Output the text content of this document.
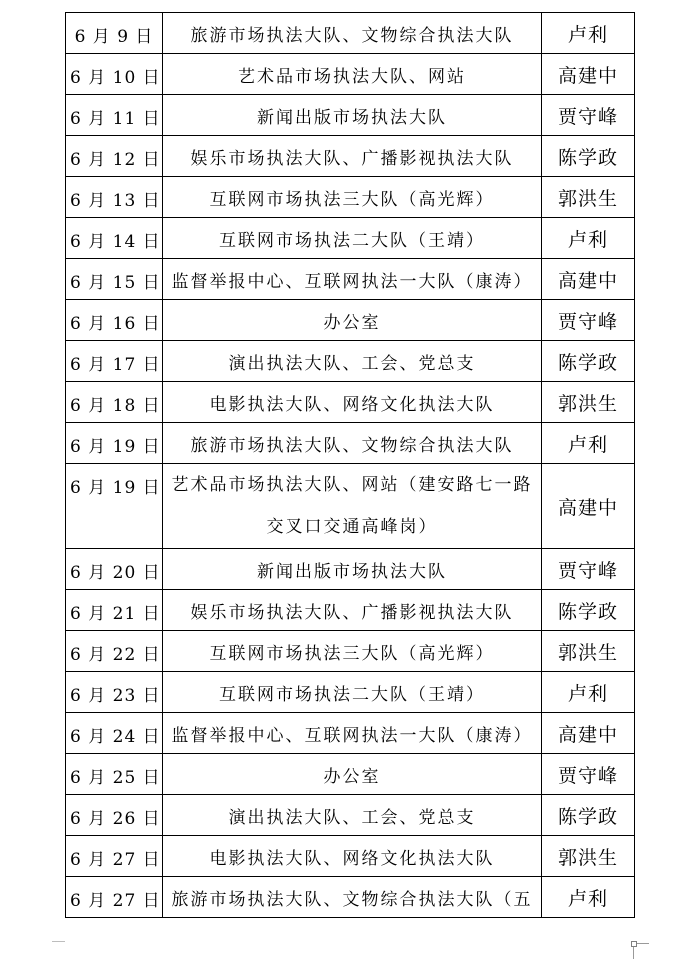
6 月 9 日	旅游市场执法大队、文物综合执法大队	卢利
6 月 10 日	艺术品市场执法大队、网站	高建中
6 月 11 日	新闻出版市场执法大队	贾守峰
6 月 12 日	娱乐市场执法大队、广播影视执法大队	陈学政
6 月 13 日	互联网市场执法三大队（高光辉）	郭洪生
6 月 14 日	互联网市场执法二大队（王靖）	卢利
6 月 15 日	监督举报中心、互联网执法一大队（康涛）	高建中
6 月 16 日	办公室	贾守峰
6 月 17 日	演出执法大队、工会、党总支	陈学政
6 月 18 日	电影执法大队、网络文化执法大队	郭洪生
6 月 19 日	旅游市场执法大队、文物综合执法大队	卢利
6 月 19 日	艺术品市场执法大队、网站（建安路七一路交叉口交通高峰岗）	高建中
6 月 20 日	新闻出版市场执法大队	贾守峰
6 月 21 日	娱乐市场执法大队、广播影视执法大队	陈学政
6 月 22 日	互联网市场执法三大队（高光辉）	郭洪生
6 月 23 日	互联网市场执法二大队（王靖）	卢利
6 月 24 日	监督举报中心、互联网执法一大队（康涛）	高建中
6 月 25 日	办公室	贾守峰
6 月 26 日	演出执法大队、工会、党总支	陈学政
6 月 27 日	电影执法大队、网络文化执法大队	郭洪生
6 月 27 日	旅游市场执法大队、文物综合执法大队（五	卢利
